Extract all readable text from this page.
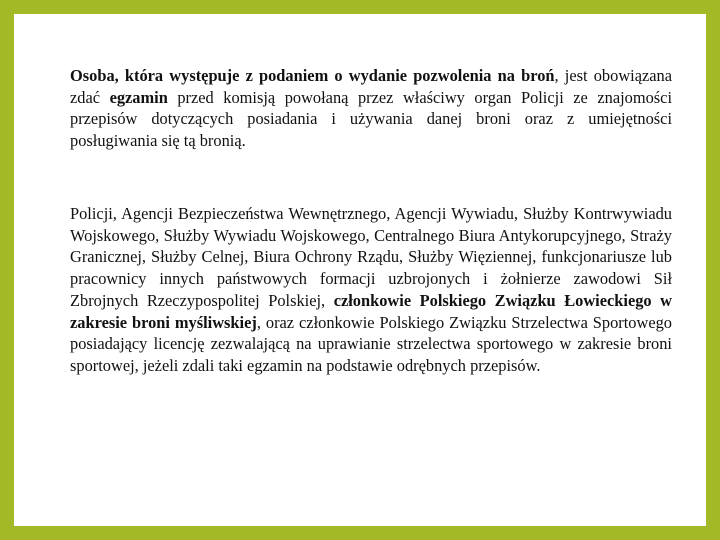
Osoba, która występuje z podaniem o wydanie pozwolenia na broń, jest obowiązana zdać egzamin przed komisją powołaną przez właściwy organ Policji ze znajomości przepisów dotyczących posiadania i używania danej broni oraz z umiejętności posługiwania się tą bronią.

Policji, Agencji Bezpieczeństwa Wewnętrznego, Agencji Wywiadu, Służby Kontrwywiadu Wojskowego, Służby Wywiadu Wojskowego, Centralnego Biura Antykorupcyjnego, Straży Granicznej, Służby Celnej, Biura Ochrony Rządu, Służby Więziennej, funkcjonariusze lub pracownicy innych państwowych formacji uzbrojonych i żołnierze zawodowi Sił Zbrojnych Rzeczypospolitej Polskiej, członkowie Polskiego Związku Łowieckiego w zakresie broni myśliwskiej, oraz członkowie Polskiego Związku Strzelectwa Sportowego posiadający licencję zezwalającą na uprawianie strzelectwa sportowego w zakresie broni sportowej, jeżeli zdali taki egzamin na podstawie odrębnych przepisów.
